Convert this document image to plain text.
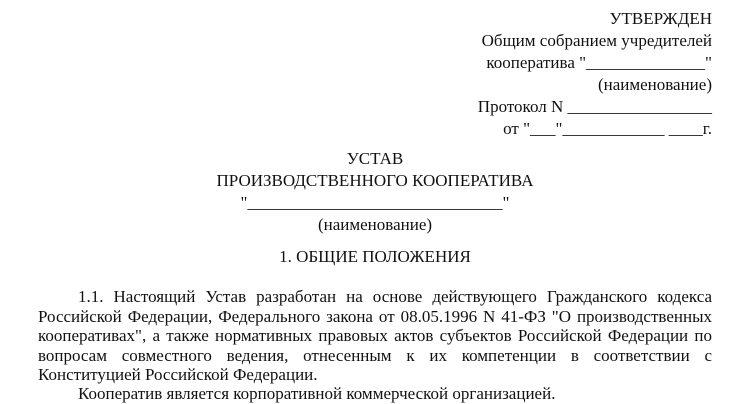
УТВЕРЖДЕН
Общим собранием учредителей
кооператива "______________"
(наименование)
Протокол N _________________
от "___"____________ ____г.
УСТАВ
ПРОИЗВОДСТВЕННОГО КООПЕРАТИВА
"______________________________"
(наименование)
1. ОБЩИЕ ПОЛОЖЕНИЯ
1.1. Настоящий Устав разработан на основе действующего Гражданского кодекса Российской Федерации, Федерального закона от 08.05.1996 N 41-ФЗ "О производственных кооперативах", а также нормативных правовых актов субъектов Российской Федерации по вопросам совместного ведения, отнесенным к их компетенции в соответствии с Конституцией Российской Федерации.
Кооператив является корпоративной коммерческой организацией.
